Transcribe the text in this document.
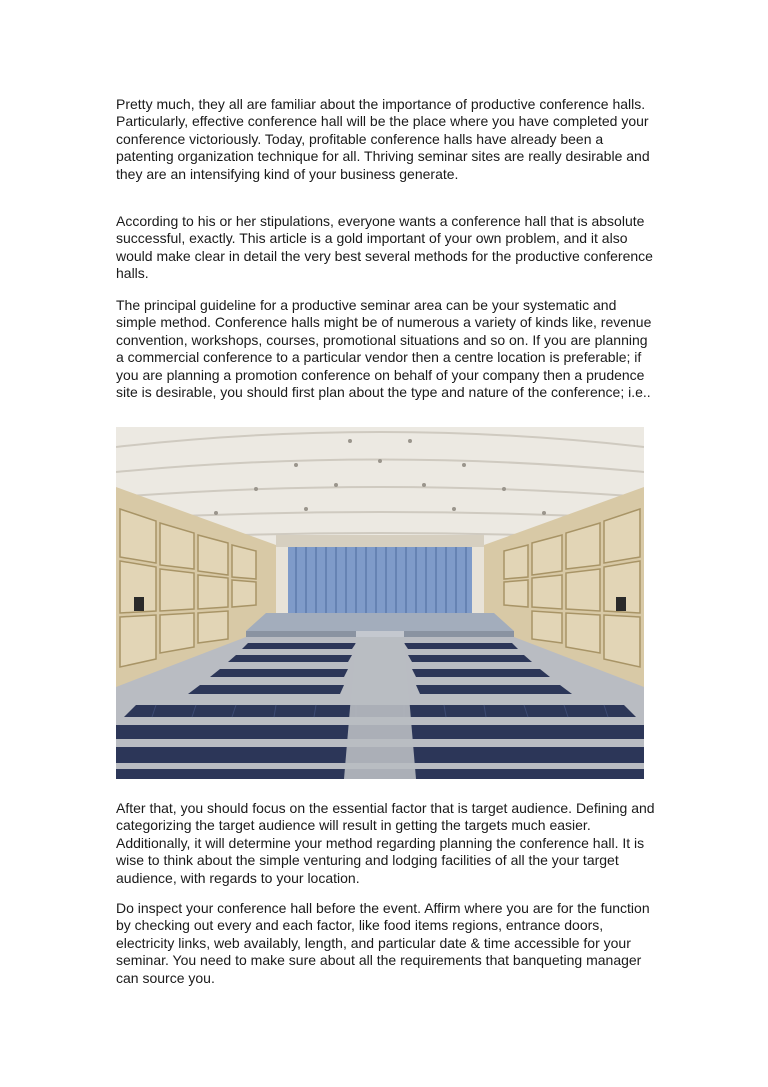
Pretty much, they all are familiar about the importance of productive conference halls. Particularly, effective conference hall will be the place where you have completed your conference victoriously. Today, profitable conference halls have already been a patenting organization technique for all. Thriving seminar sites are really desirable and they are an intensifying kind of your business generate.

According to his or her stipulations, everyone wants a conference hall that is absolute successful, exactly. This article is a gold important of your own problem, and it also would make clear in detail the very best several methods for the productive conference halls.

The principal guideline for a productive seminar area can be your systematic and simple method. Conference halls might be of numerous a variety of kinds like, revenue convention, workshops, courses, promotional situations and so on. If you are planning a commercial conference to a particular vendor then a centre location is preferable; if you are planning a promotion conference on behalf of your company then a prudence site is desirable, you should first plan about the type and nature of the conference; i.e..

After that, you should focus on the essential factor that is target audience. Defining and categorizing the target audience will result in getting the targets much easier. Additionally, it will determine your method regarding planning the conference hall. It is wise to think about the simple venturing and lodging facilities of all the your target audience, with regards to your location.

Do inspect your conference hall before the event. Affirm where you are for the function by checking out every and each factor, like food items regions, entrance doors, electricity links, web availably, length, and particular date & time accessible for your seminar. You need to make sure about all the requirements that banqueting manager can source you.
